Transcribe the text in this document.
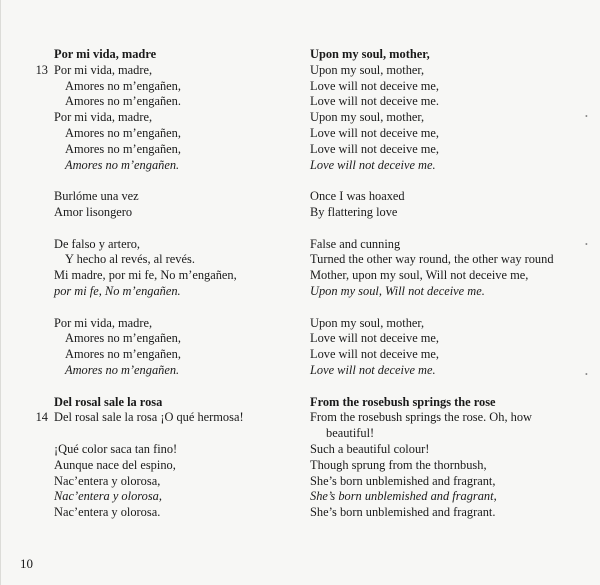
Por mi vida, madre
13 Por mi vida, madre,
Amores no m’engañen,
Amores no m’engañen.
Por mi vida, madre,
Amores no m’engañen,
Amores no m’engañen,
Amores no m’engañen.
Burlóme una vez
Amor lisongero
De falso y artero,
Y hecho al revés, al revés.
Mi madre, por mi fe, No m’engañen,
por mi fe, No m’engañen.
Por mi vida, madre,
Amores no m’engañen,
Amores no m’engañen,
Amores no m’engañen.
Del rosal sale la rosa
14 Del rosal sale la rosa ¡O qué hermosa!
¡Qué color saca tan fino!
Aunque nace del espino,
Nac’entera y olorosa,
Nac’entera y olorosa,
Nac’entera y olorosa.
Upon my soul, mother,
Upon my soul, mother,
Love will not deceive me,
Love will not deceive me.
Upon my soul, mother,
Love will not deceive me,
Love will not deceive me,
Love will not deceive me.
Once I was hoaxed
By flattering love
False and cunning
Turned the other way round, the other way round
Mother, upon my soul, Will not deceive me,
Upon my soul, Will not deceive me.
Upon my soul, mother,
Love will not deceive me,
Love will not deceive me,
Love will not deceive me.
From the rosebush springs the rose
From the rosebush springs the rose. Oh, how
beautiful!
Such a beautiful colour!
Though sprung from the thornbush,
She’s born unblemished and fragrant,
She’s born unblemished and fragrant,
She’s born unblemished and fragrant.
•
•
•
10
